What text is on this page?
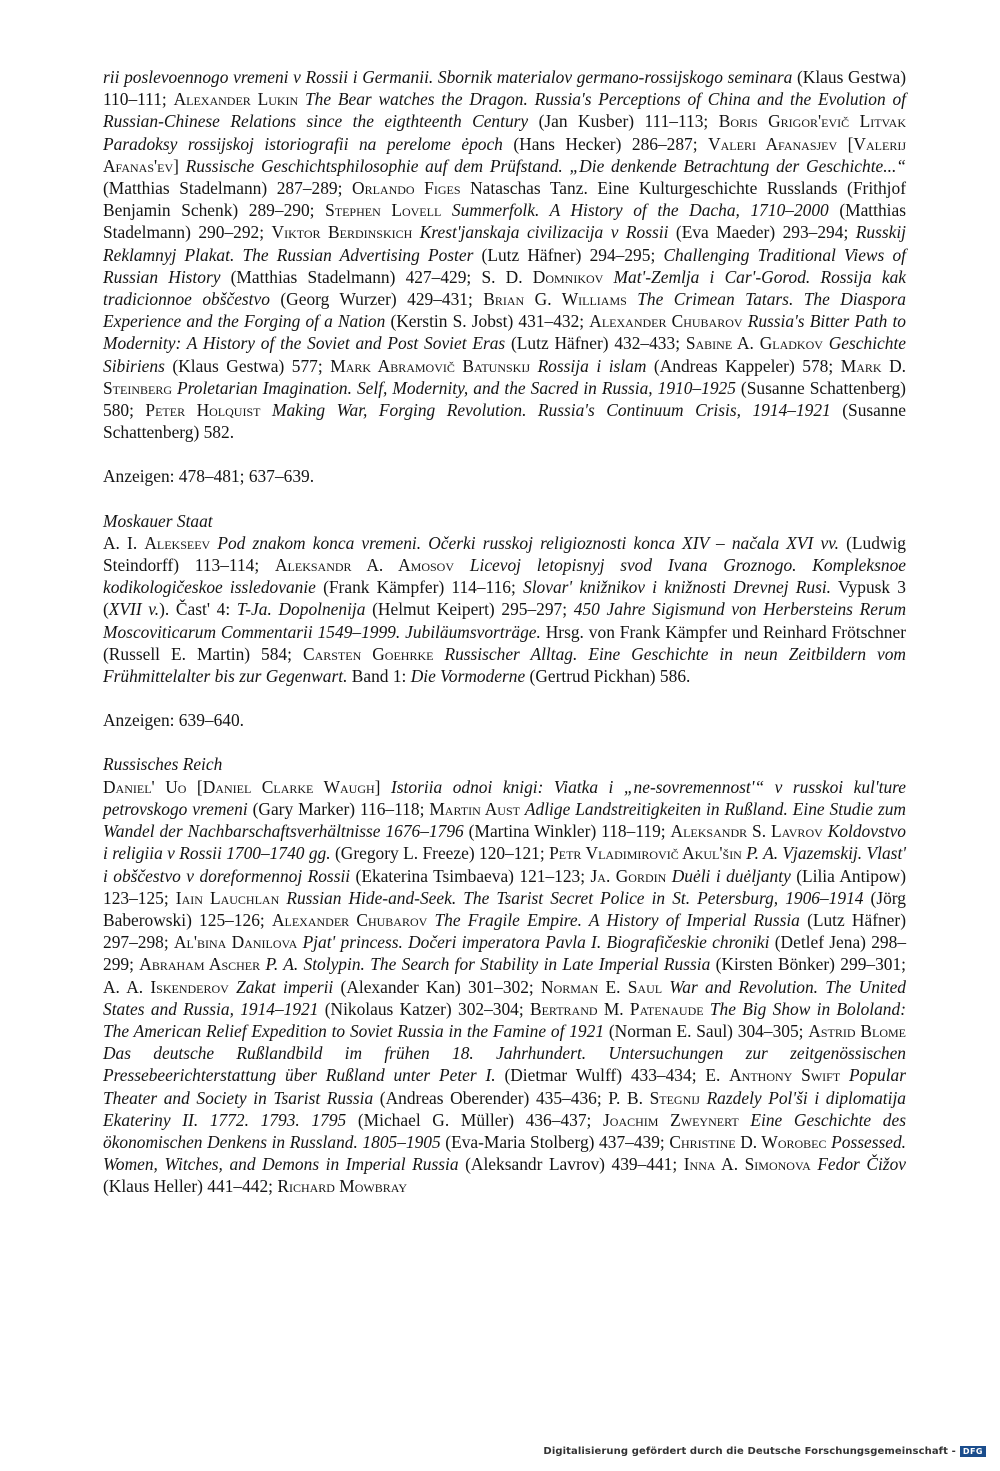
rii poslevoennogo vremeni v Rossii i Germanii. Sbornik materialov germano-rossijskogo seminara (Klaus Gestwa) 110–111; Alexander Lukin The Bear watches the Dragon. Russia's Perceptions of China and the Evolution of Russian-Chinese Relations since the eigthteenth Century (Jan Kusber) 111–113; Boris Grigor'evič Litvak Paradoksy rossijskoj istoriografii na perelome ėpoch (Hans Hecker) 286–287; Valeri Afanasjev [Valerij Afanas'ev] Russische Geschichtsphilosophie auf dem Prüfstand. „Die denkende Betrachtung der Geschichte...“ (Matthias Stadelmann) 287–289; Orlando Figes Nataschas Tanz. Eine Kulturgeschichte Russlands (Frithjof Benjamin Schenk) 289–290; Stephen Lovell Summerfolk. A History of the Dacha, 1710–2000 (Matthias Stadelmann) 290–292; Viktor Berdinskich Krest'janskaja civilizacija v Rossii (Eva Maeder) 293–294; Russkij Reklamnyj Plakat. The Russian Advertising Poster (Lutz Häfner) 294–295; Challenging Traditional Views of Russian History (Matthias Stadelmann) 427–429; S. D. Domnikov Mat'-Zemlja i Car'-Gorod. Rossija kak tradicionnoe obščestvo (Georg Wurzer) 429–431; Brian G. Williams The Crimean Tatars. The Diaspora Experience and the Forging of a Nation (Kerstin S. Jobst) 431–432; Alexander Chubarov Russia's Bitter Path to Modernity: A History of the Soviet and Post Soviet Eras (Lutz Häfner) 432–433; Sabine A. Gladkov Geschichte Sibiriens (Klaus Gestwa) 577; Mark Abramovič Batunskij Rossija i islam (Andreas Kappeler) 578; Mark D. Steinberg Proletarian Imagination. Self, Modernity, and the Sacred in Russia, 1910–1925 (Susanne Schattenberg) 580; Peter Holquist Making War, Forging Revolution. Russia's Continuum Crisis, 1914–1921 (Susanne Schattenberg) 582.

Anzeigen: 478–481; 637–639.

Moskauer Staat

A. I. Alekseev Pod znakom konca vremeni. Očerki russkoj religioznosti konca XIV – načala XVI vv. (Ludwig Steindorff) 113–114; Aleksandr A. Amosov Licevoj letopisnyj svod Ivana Groznogo. Kompleksnoe kodikologičeskoe issledovanie (Frank Kämpfer) 114–116; Slovar' knižnikov i knižnosti Drevnej Rusi. Vypusk 3 (XVII v.). Čast' 4: T-Ja. Dopolnenija (Helmut Keipert) 295–297; 450 Jahre Sigismund von Herbersteins Rerum Moscoviticarum Commentarii 1549–1999. Jubiläumsvorträge. Hrsg. von Frank Kämpfer und Reinhard Frötschner (Russell E. Martin) 584; Carsten Goehrke Russischer Alltag. Eine Geschichte in neun Zeitbildern vom Frühmittelalter bis zur Gegenwart. Band 1: Die Vormoderne (Gertrud Pickhan) 586.

Anzeigen: 639–640.

Russisches Reich

Daniel' Uo [Daniel Clarke Waugh] Istoriia odnoi knigi: Viatka i „ne-sovremennost'“ v russkoi kul'ture petrovskogo vremeni (Gary Marker) 116–118; Martin Aust Adlige Landstreitigkeiten in Rußland. Eine Studie zum Wandel der Nachbarschaftsverhältnisse 1676–1796 (Martina Winkler) 118–119; Aleksandr S. Lavrov Koldovstvo i religiia v Rossii 1700–1740 gg. (Gregory L. Freeze) 120–121; Petr Vladimirovič Akul'šin P. A. Vjazemskij. Vlast' i obščestvo v doreformennoj Rossii (Ekaterina Tsimbaeva) 121–123; Ja. Gordin Duėli i duėljanty (Lilia Antipow) 123–125; Iain Lauchlan Russian Hide-and-Seek. The Tsarist Secret Police in St. Petersburg, 1906–1914 (Jörg Baberowski) 125–126; Alexander Chubarov The Fragile Empire. A History of Imperial Russia (Lutz Häfner) 297–298; Al'bina Danilova Pjat' princess. Dočeri imperatora Pavla I. Biografičeskie chroniki (Detlef Jena) 298–299; Abraham Ascher P. A. Stolypin. The Search for Stability in Late Imperial Russia (Kirsten Bönker) 299–301; A. A. Iskenderov Zakat imperii (Alexander Kan) 301–302; Norman E. Saul War and Revolution. The United States and Russia, 1914–1921 (Nikolaus Katzer) 302–304; Bertrand M. Patenaude The Big Show in Bololand: The American Relief Expedition to Soviet Russia in the Famine of 1921 (Norman E. Saul) 304–305; Astrid Blome Das deutsche Rußlandbild im frühen 18. Jahrhundert. Untersuchungen zur zeitgenössischen Pressebeerichterstattung über Rußland unter Peter I. (Dietmar Wulff) 433–434; E. Anthony Swift Popular Theater and Society in Tsarist Russia (Andreas Oberender) 435–436; P. B. Stegnij Razdely Pol'ši i diplomatija Ekateriny II. 1772. 1793. 1795 (Michael G. Müller) 436–437; Joachim Zweynert Eine Geschichte des ökonomischen Denkens in Russland. 1805–1905 (Eva-Maria Stolberg) 437–439; Christine D. Worobec Possessed. Women, Witches, and Demons in Imperial Russia (Aleksandr Lavrov) 439–441; Inna A. Simonova Fedor Čižov (Klaus Heller) 441–442; Richard Mowbray

Digitalisierung gefördert durch die Deutsche Forschungsgemeinschaft - DFG
